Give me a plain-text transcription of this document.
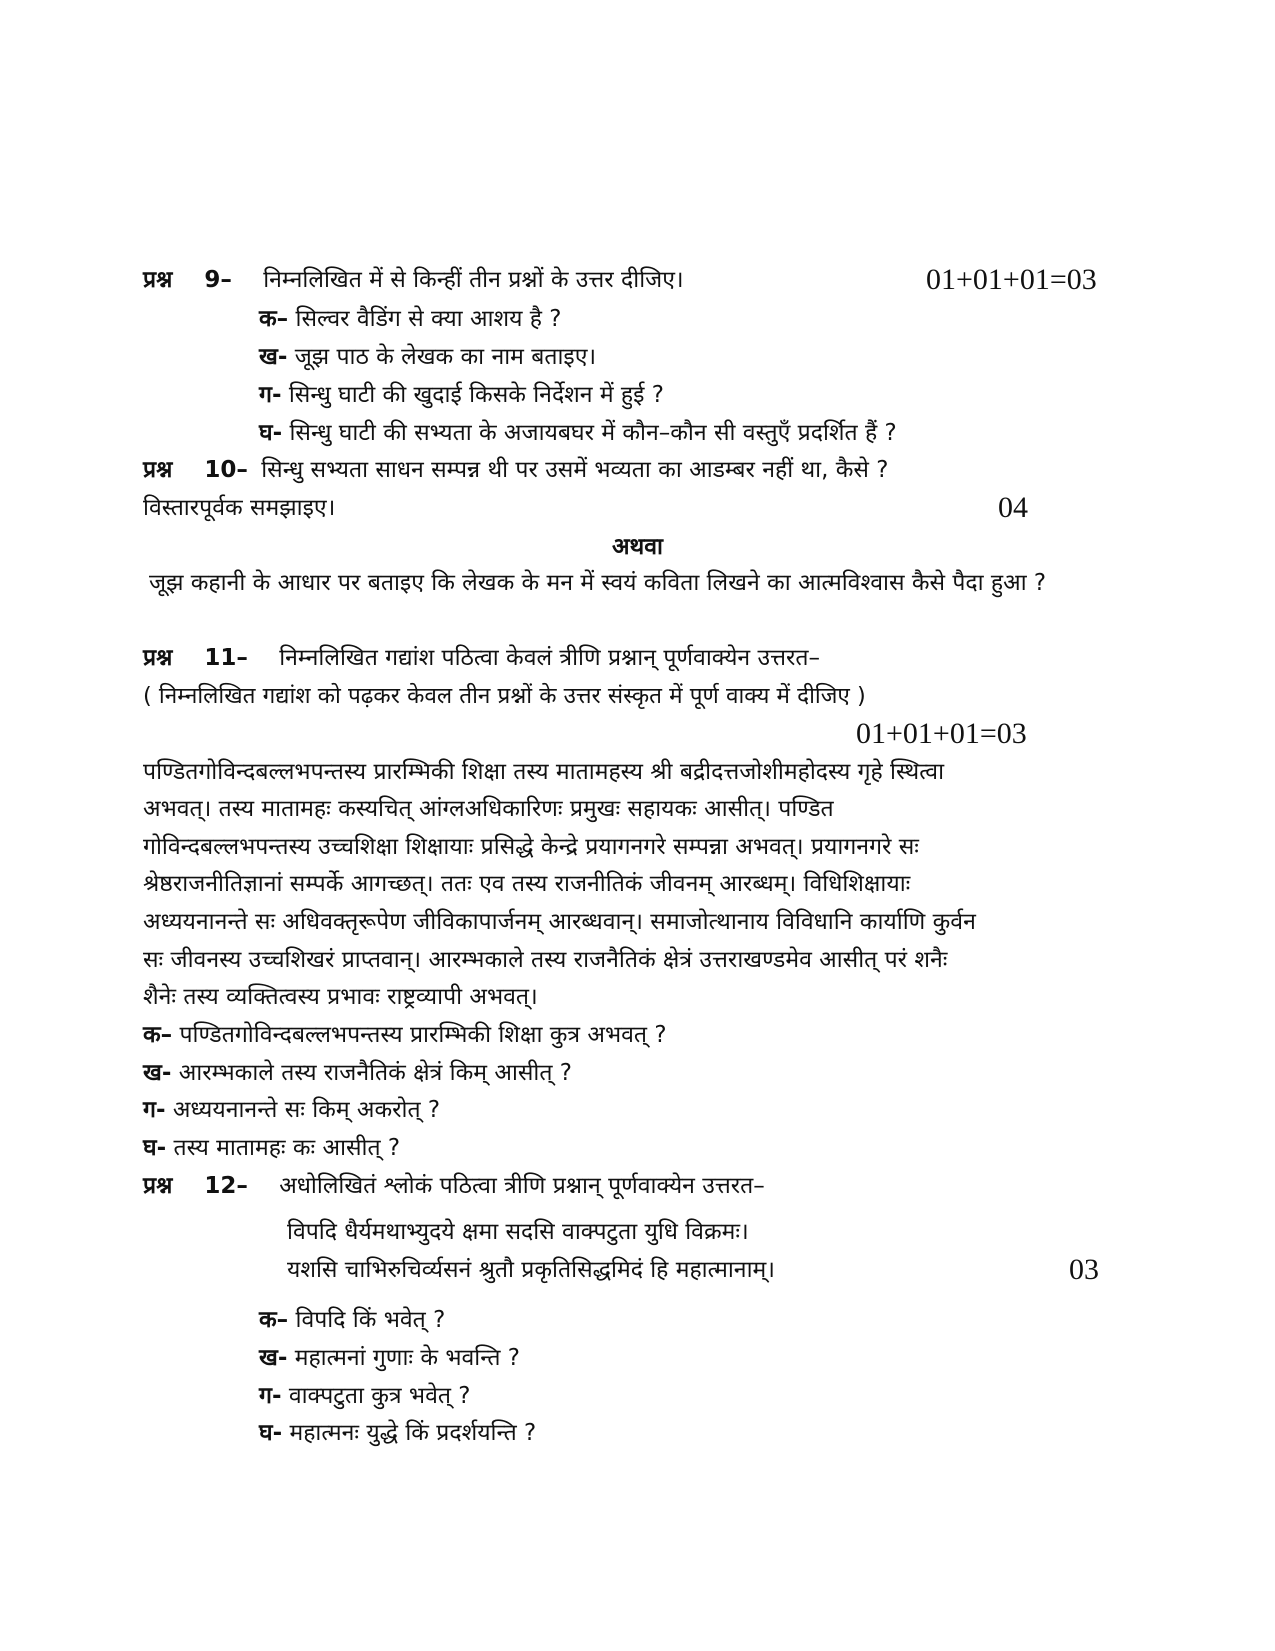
प्रश्न 9– निम्नलिखित में से किन्हीं तीन प्रश्नों के उत्तर दीजिए।	01+01+01=03
क– सिल्वर वैडिंग से क्या आशय है ?
ख- जूझ पाठ के लेखक का नाम बताइए।
ग- सिन्धु घाटी की खुदाई किसके निर्देशन में हुई ?
घ- सिन्धु घाटी की सभ्यता के अजायबघर में कौन–कौन सी वस्तुएँ प्रदर्शित हैं ?
प्रश्न 10– सिन्धु सभ्यता साधन सम्पन्न थी पर उसमें भव्यता का आडम्बर नहीं था, कैसे ?
विस्तारपूर्वक समझाइए।	04
अथवा
जूझ कहानी के आधार पर बताइए कि लेखक के मन में स्वयं कविता लिखने का आत्मविश्वास कैसे पैदा हुआ ?
प्रश्न 11– निम्नलिखित गद्यांश पठित्वा केवलं त्रीणि प्रश्नान् पूर्णवाक्येन उत्तरत–
( निम्नलिखित गद्यांश को पढ़कर केवल तीन प्रश्नों के उत्तर संस्कृत में पूर्ण वाक्य में दीजिए )
01+01+01=03
पण्डितगोविन्दबल्लभपन्तस्य प्रारम्भिकी शिक्षा तस्य मातामहस्य श्री बद्रीदत्तजोशीमहोदस्य गृहे स्थित्वा
अभवत्। तस्य मातामहः कस्यचित् आंग्लअधिकारिणः प्रमुखः सहायकः आसीत्। पण्डित
गोविन्दबल्लभपन्तस्य उच्चशिक्षा शिक्षायाः प्रसिद्धे केन्द्रे प्रयागनगरे सम्पन्ना अभवत्। प्रयागनगरे सः
श्रेष्ठराजनीतिज्ञानां सम्पर्के आगच्छत्। ततः एव तस्य राजनीतिकं जीवनम् आरब्धम्। विधिशिक्षायाः
अध्ययनानन्ते सः अधिवक्तृरूपेण जीविकापार्जनम् आरब्धवान्। समाजोत्थानाय विविधानि कार्याणि कुर्वन
सः जीवनस्य उच्चशिखरं प्राप्तवान्। आरम्भकाले तस्य राजनैतिकं क्षेत्रं उत्तराखण्डमेव आसीत् परं शनैः
शैनेः तस्य व्यक्तित्वस्य प्रभावः राष्ट्रव्यापी अभवत्।
क– पण्डितगोविन्दबल्लभपन्तस्य प्रारम्भिकी शिक्षा कुत्र अभवत् ?
ख- आरम्भकाले तस्य राजनैतिकं क्षेत्रं किम् आसीत् ?
ग- अध्ययनानन्ते सः किम् अकरोत् ?
घ- तस्य मातामहः कः आसीत् ?
प्रश्न 12– अधोलिखितं श्लोकं पठित्वा त्रीणि प्रश्नान् पूर्णवाक्येन उत्तरत–
विपदि धैर्यमथाभ्युदये क्षमा सदसि वाक्पटुता युधि विक्रमः।
यशसि चाभिरुचिर्व्यसनं श्रुतौ प्रकृतिसिद्धमिदं हि महात्मानाम्।	03
क– विपदि किं भवेत् ?
ख- महात्मनां गुणाः के भवन्ति ?
ग- वाक्पटुता कुत्र भवेत् ?
घ- महात्मनः युद्धे किं प्रदर्शयन्ति ?
